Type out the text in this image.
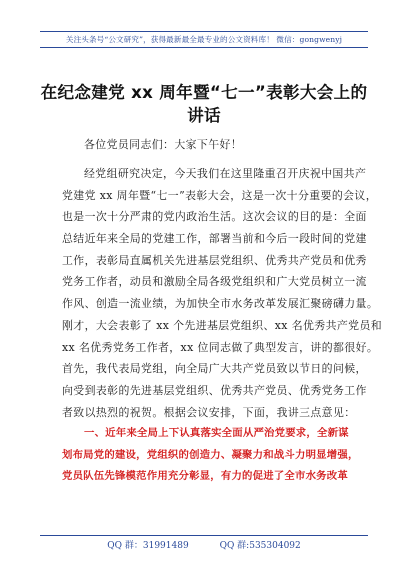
关注头条号“公文研究”，获得最新最全最专业的公文资料库！ 微信：gongwenyj
在纪念建党 xx 周年暨“七一”表彰大会上的
讲话
各位党员同志们：大家下午好！
经党组研究决定，今天我们在这里隆重召开庆祝中国共产
党建党 xx 周年暨“七一”表彰大会，这是一次十分重要的会议，
也是一次十分严肃的党内政治生活。这次会议的目的是：全面
总结近年来全局的党建工作，部署当前和今后一段时间的党建
工作，表彰局直属机关先进基层党组织、优秀共产党员和优秀
党务工作者，动员和激励全局各级党组织和广大党员树立一流
作风、创造一流业绩，为加快全市水务改革发展汇聚磅礴力量。
刚才，大会表彰了 xx 个先进基层党组织、xx 名优秀共产党员和
xx 名优秀党务工作者，xx 位同志做了典型发言，讲的都很好。
首先，我代表局党组，向全局广大共产党员致以节日的问候，
向受到表彰的先进基层党组织、优秀共产党员、优秀党务工作
者致以热烈的祝贺。根据会议安排，下面，我讲三点意见：
一、近年来全局上下认真落实全面从严治党要求，全新谋
划布局党的建设，党组织的创造力、凝聚力和战斗力明显增强，
党员队伍先锋模范作用充分彰显，有力的促进了全市水务改革
QQ 群：31991489	QQ 群:535304092
